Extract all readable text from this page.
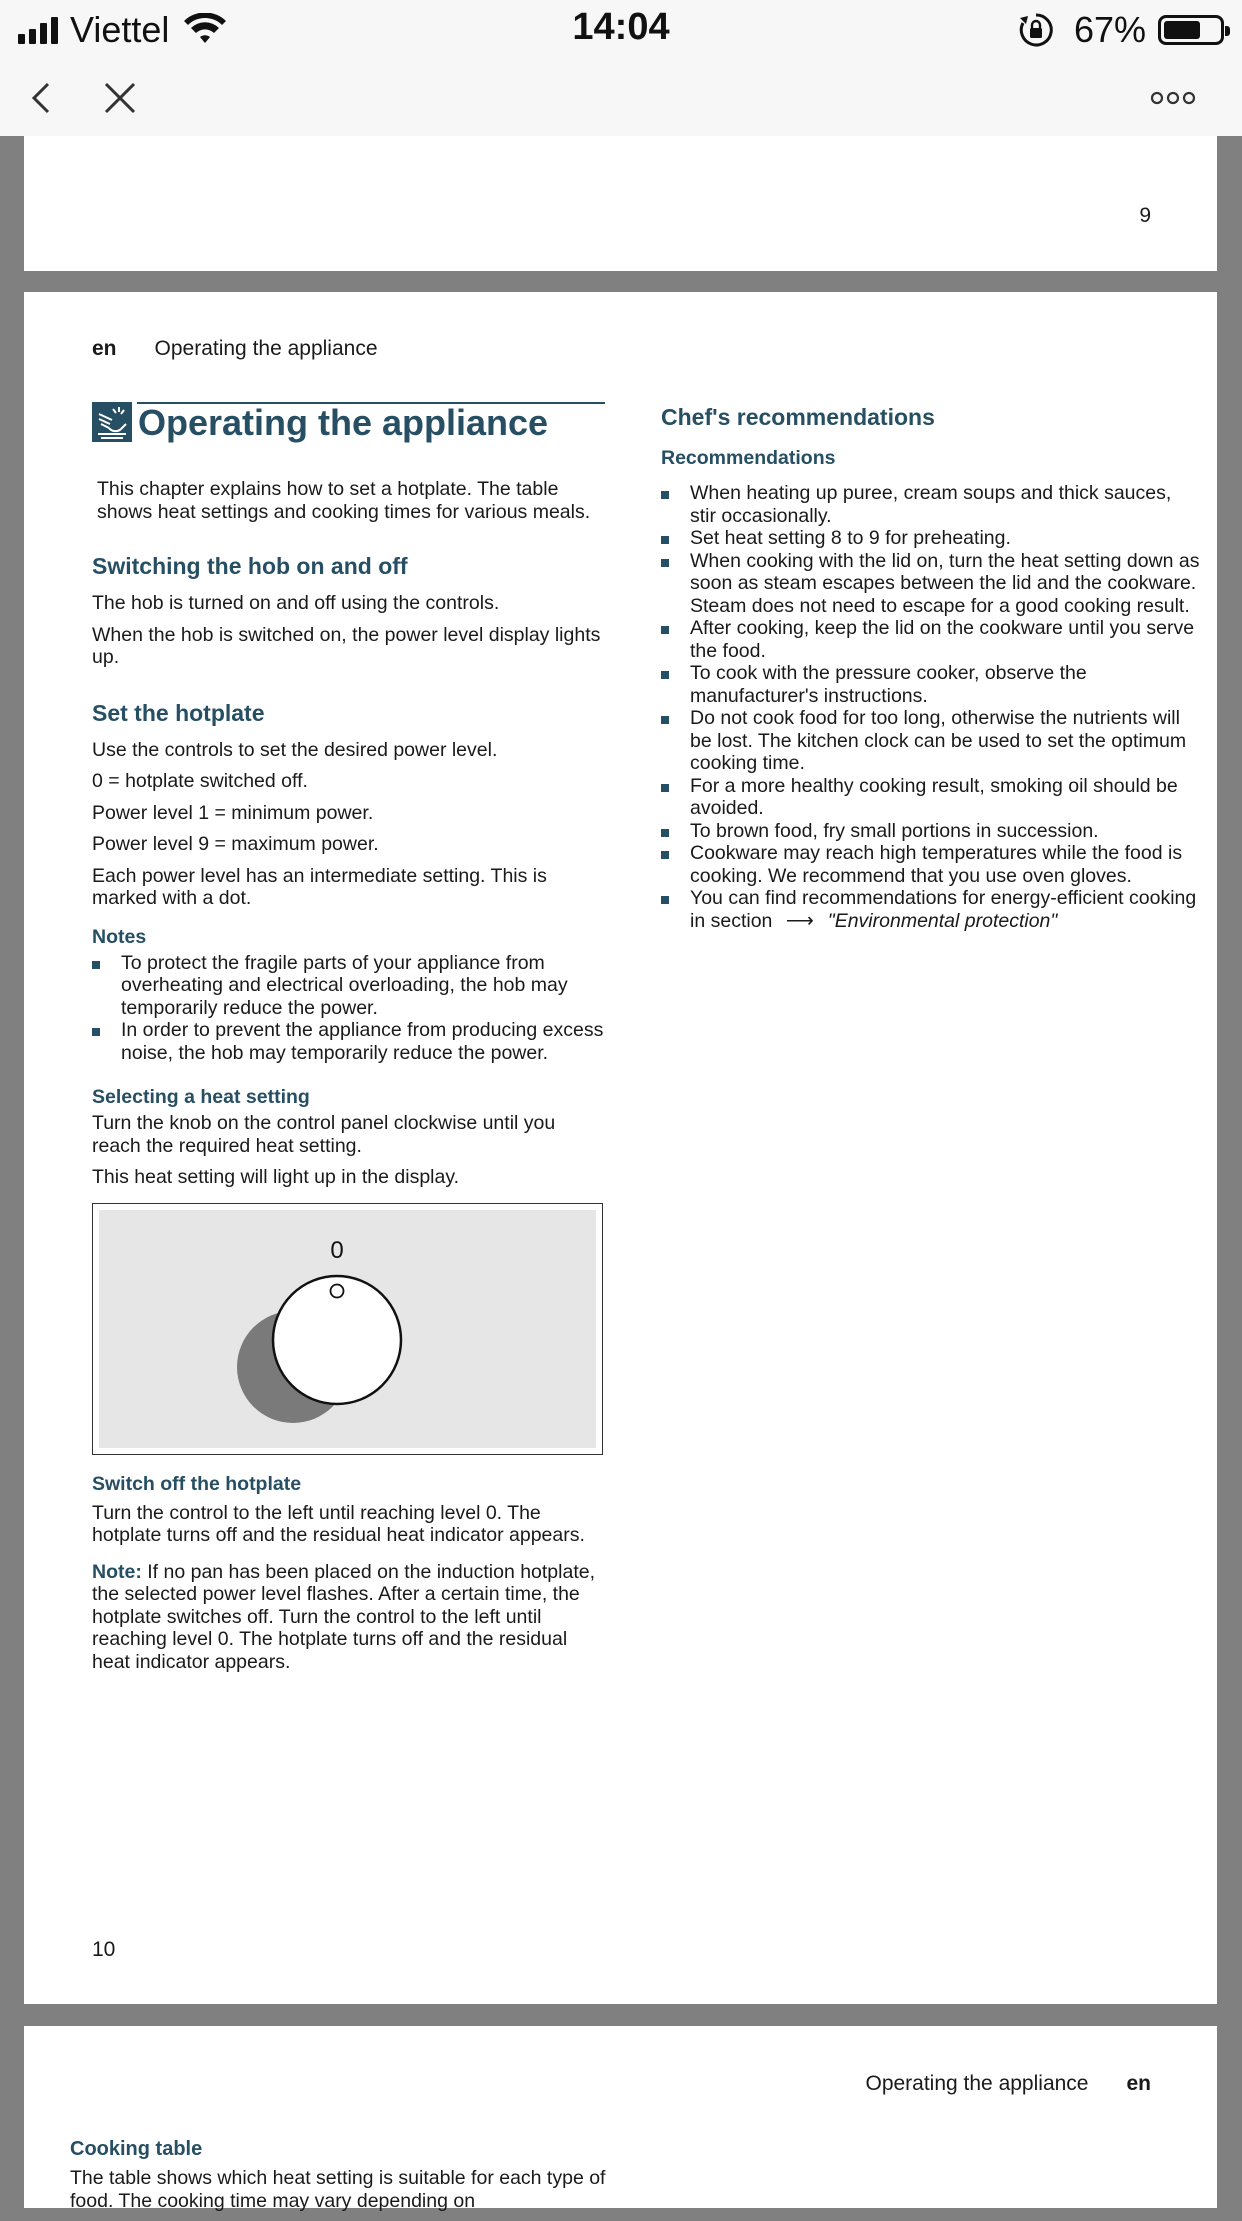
Viettel	14:04	67%
9
en Operating the appliance
Operating the appliance

This chapter explains how to set a hotplate. The table shows heat settings and cooking times for various meals.

Switching the hob on and off

The hob is turned on and off using the controls.

When the hob is switched on, the power level display lights up.

Set the hotplate

Use the controls to set the desired power level.

0 = hotplate switched off.

Power level 1 = minimum power.

Power level 9 = maximum power.

Each power level has an intermediate setting. This is marked with a dot.

Notes
To protect the fragile parts of your appliance from overheating and electrical overloading, the hob may temporarily reduce the power.
In order to prevent the appliance from producing excess noise, the hob may temporarily reduce the power.
Selecting a heat setting

Turn the knob on the control panel clockwise until you reach the required heat setting.

This heat setting will light up in the display.

0
Switch off the hotplate

Turn the control to the left until reaching level 0. The hotplate turns off and the residual heat indicator appears.

Note: If no pan has been placed on the induction hotplate, the selected power level flashes. After a certain time, the hotplate switches off. Turn the control to the left until reaching level 0. The hotplate turns off and the residual heat indicator appears.

Chef's recommendations
Recommendations
When heating up puree, cream soups and thick sauces, stir occasionally.
Set heat setting 8 to 9 for preheating.
When cooking with the lid on, turn the heat setting down as soon as steam escapes between the lid and the cookware. Steam does not need to escape for a good cooking result.
After cooking, keep the lid on the cookware until you serve the food.
To cook with the pressure cooker, observe the manufacturer's instructions.
Do not cook food for too long, otherwise the nutrients will be lost. The kitchen clock can be used to set the optimum cooking time.
For a more healthy cooking result, smoking oil should be avoided.
To brown food, fry small portions in succession.
Cookware may reach high temperatures while the food is cooking. We recommend that you use oven gloves.
You can find recommendations for energy-efficient cooking in section ⟶ "Environmental protection"
10
Operating the appliance en
Cooking table

The table shows which heat setting is suitable for each type of food. The cooking time may vary depending on
